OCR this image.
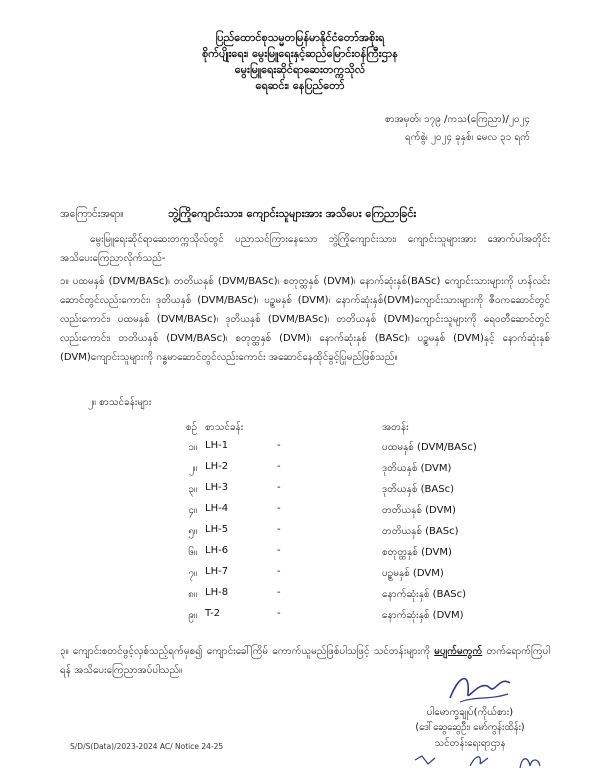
ပြည်ထောင်စုသမ္မတမြန်မာနိုင်ငံတော်အစိုးရ
စိုက်ပျိုးရေး၊ မွေးမြူရေးနှင့်ဆည်မြောင်းဝန်ကြီးဌာန
မွေးမြူရေးဆိုင်ရာဆေးတက္ကသိုလ်
ရေဆင်း၊ နေပြည်တော်
စာအမှတ်၊ ၁၇၉ /ကသ(ကြေညာ)/၂၀၂၄
ရက်စွဲ၊ ၂၀၂၄ ခုနှစ်၊ မေလ ၃၁ ရက်
အကြောင်းအရာ။	ဘွဲ့ကြိုကျောင်းသား၊ ကျောင်းသူများအား အသိပေး ကြေညာခြင်း
မွေးမြူရေးဆိုင်ရာဆေးတက္ကသိုလ်တွင် ပညာသင်ကြားနေသော ဘွဲ့ကြိုကျောင်းသား၊ ကျောင်းသူများအား အောက်ပါအတိုင်း အသိပေးကြေညာလိုက်သည်-
၁။ ပထမနှစ် (DVM/BASc)၊ တတိယနှစ် (DVM/BASc)၊ စတုတ္ထနှစ် (DVM)၊ နောက်ဆုံးနှစ်(BASc) ကျောင်းသားများကို ဟန်လင်းဆောင်တွင်လည်းကောင်း၊ ဒုတိယနှစ် (DVM/BASc)၊ ပဉ္စမနှစ် (DVM)၊ နောက်ဆုံးနှစ်(DVM)ကျောင်းသားများကို ဇီဝကဆောင်တွင်လည်းကောင်း၊ ပထမနှစ် (DVM/BASc)၊ ဒုတိယနှစ် (DVM/BASc)၊ တတိယနှစ် (DVM)ကျောင်းသူများကို ရေဝတီဆောင်တွင်လည်းကောင်း၊ တတိယနှစ် (DVM/BASc)၊ စတုတ္ထနှစ် (DVM)၊ နောက်ဆုံးနှစ် (BASc)၊ ပဉ္စမနှစ် (DVM)နှင့် နောက်ဆုံးနှစ် (DVM)ကျောင်းသူများကို ဂန္ဓမာဆောင်တွင်လည်းကောင်း အဆောင်နေထိုင်ခွင့်ပြုမည်ဖြစ်သည်။
၂။ စာသင်ခန်းများ
စဉ် စာသင်ခန်း	အတန်း
၁။ LH-1	-	ပထမနှစ် (DVM/BASc)
၂။ LH-2	-	ဒုတိယနှစ် (DVM)
၃။ LH-3	-	ဒုတိယနှစ် (BASc)
၄။ LH-4	-	တတိယနှစ် (DVM)
၅။ LH-5	-	တတိယနှစ် (BASc)
၆။ LH-6	-	စတုတ္ထနှစ် (DVM)
၇။ LH-7	-	ပဉ္စမနှစ် (DVM)
၈။ LH-8	-	နောက်ဆုံးနှစ် (BASc)
၉။ T-2	-	နောက်ဆုံးနှစ် (DVM)
၃။ ကျောင်းစတင်ဖွင့်လှစ်သည့်ရက်မှစ၍ ကျောင်းခေါ်ကြိမ် ကောက်ယူမည်ဖြစ်ပါသဖြင့် သင်တန်းများကို မပျက်မကွက် တက်ရောက်ကြပါရန် အသိပေးကြေညာအပ်ပါသည်။
ပါမောက္ခချုပ်(ကိုယ်စား)
(ဒေါ်ဆွေဆွေဦး၊ မော်ကွန်းထိန်း)
သင်တန်းရေးရာဌာန
S/D/S(Data)/2023-2024 AC/ Notice 24-25
